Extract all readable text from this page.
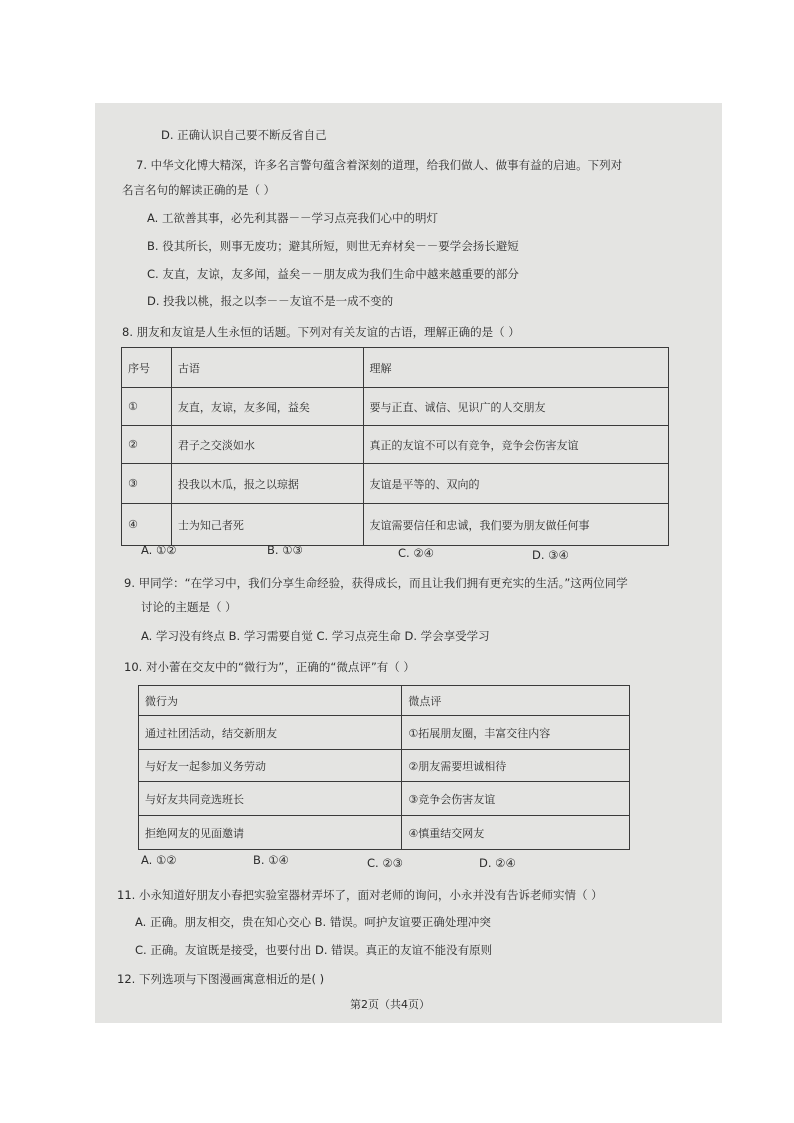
D. 正确认识自己要不断反省自己
7. 中华文化博大精深，许多名言警句蕴含着深刻的道理，给我们做人、做事有益的启迪。下列对
名言名句的解读正确的是（ ）
A. 工欲善其事，必先利其器－－学习点亮我们心中的明灯
B. 役其所长，则事无废功；避其所短，则世无弃材矣－－要学会扬长避短
C. 友直，友谅，友多闻，益矣－－朋友成为我们生命中越来越重要的部分
D. 投我以桃，报之以李－－友谊不是一成不变的
8. 朋友和友谊是人生永恒的话题。下列对有关友谊的古语，理解正确的是（ ）
序号	古语	理解
①	友直，友谅，友多闻，益矣	要与正直、诚信、见识广的人交朋友
②	君子之交淡如水	真正的友谊不可以有竞争，竞争会伤害友谊
③	投我以木瓜，报之以琼据	友谊是平等的、双向的
④	士为知己者死	友谊需要信任和忠诚，我们要为朋友做任何事
A. ①②	B. ①③	C. ②④	D. ③④
9. 甲同学：“在学习中，我们分享生命经验，获得成长，而且让我们拥有更充实的生活。”这两位同学
讨论的主题是（ ）
A. 学习没有终点 B. 学习需要自觉 C. 学习点亮生命 D. 学会享受学习
10. 对小蕾在交友中的“微行为”，正确的“微点评”有（ ）
微行为	微点评
通过社团活动，结交新朋友	①拓展朋友圈，丰富交往内容
与好友一起参加义务劳动	②朋友需要坦诚相待
与好友共同竞选班长	③竞争会伤害友谊
拒绝网友的见面邀请	④慎重结交网友
A. ①②	B. ①④	C. ②③	D. ②④
11. 小永知道好朋友小春把实验室器材弄坏了，面对老师的询问，小永并没有告诉老师实情（ ）
A. 正确。朋友相交，贵在知心交心 B. 错误。呵护友谊要正确处理冲突
C. 正确。友谊既是接受，也要付出 D. 错误。真正的友谊不能没有原则
12. 下列选项与下图漫画寓意相近的是( )
第2页（共4页）
